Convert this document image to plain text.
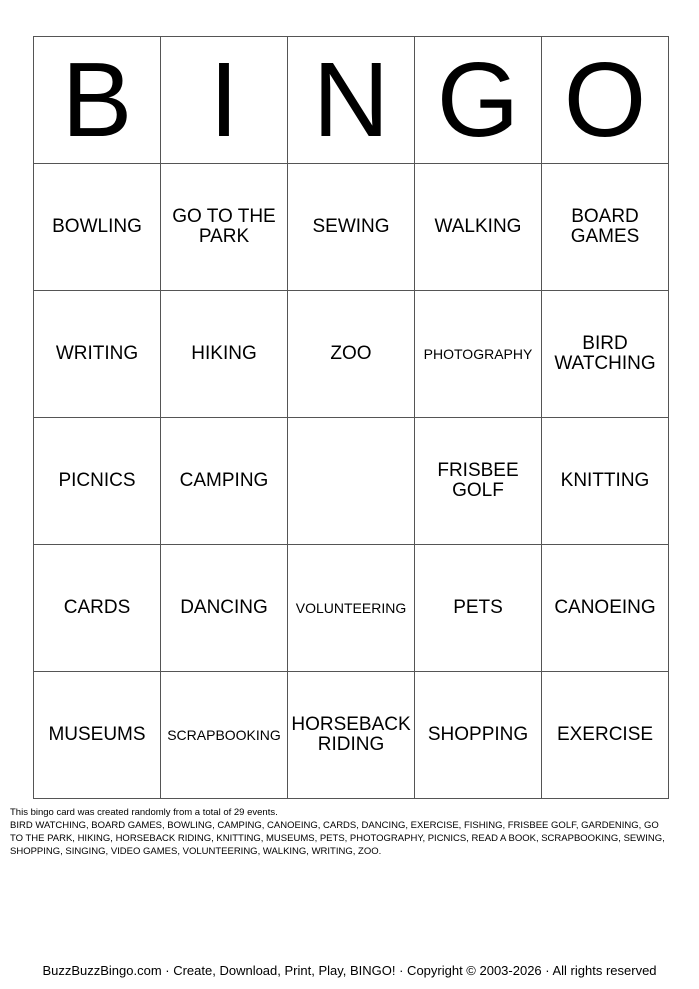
B	I	N	G	O
BOWLING	GO TO THE PARK	SEWING	WALKING	BOARD GAMES
WRITING	HIKING	ZOO	PHOTOGRAPHY	BIRD WATCHING
PICNICS	CAMPING		FRISBEE GOLF	KNITTING
CARDS	DANCING	VOLUNTEERING	PETS	CANOEING
MUSEUMS	SCRAPBOOKING	HORSEBACK RIDING	SHOPPING	EXERCISE
This bingo card was created randomly from a total of 29 events.
BIRD WATCHING, BOARD GAMES, BOWLING, CAMPING, CANOEING, CARDS, DANCING, EXERCISE, FISHING, FRISBEE GOLF, GARDENING, GO TO THE PARK, HIKING, HORSEBACK RIDING, KNITTING, MUSEUMS, PETS, PHOTOGRAPHY, PICNICS, READ A BOOK, SCRAPBOOKING, SEWING, SHOPPING, SINGING, VIDEO GAMES, VOLUNTEERING, WALKING, WRITING, ZOO.
BuzzBuzzBingo.com · Create, Download, Print, Play, BINGO! · Copyright © 2003-2026 · All rights reserved
